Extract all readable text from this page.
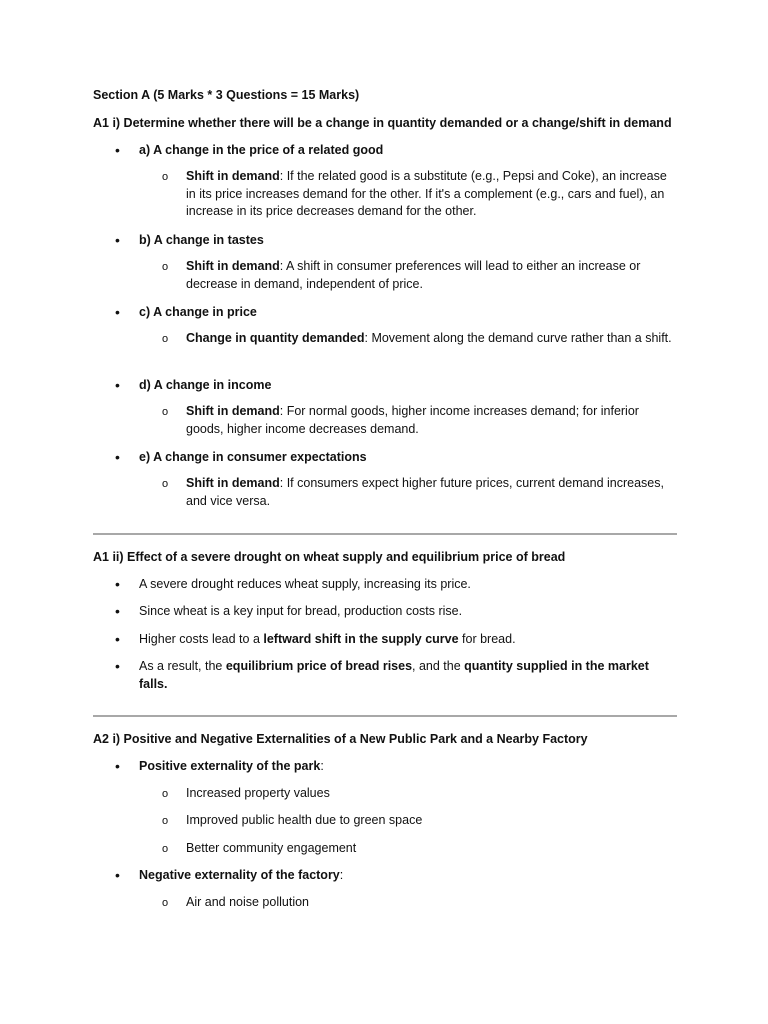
Section A (5 Marks * 3 Questions = 15 Marks)
A1 i) Determine whether there will be a change in quantity demanded or a change/shift in demand
•
a) A change in the price of a related good
o
Shift in demand: If the related good is a substitute (e.g., Pepsi and Coke), an increase in its price increases demand for the other. If it's a complement (e.g., cars and fuel), an increase in its price decreases demand for the other.
•
b) A change in tastes
o
Shift in demand: A shift in consumer preferences will lead to either an increase or decrease in demand, independent of price.
•
c) A change in price
o
Change in quantity demanded: Movement along the demand curve rather than a shift.
•
d) A change in income
o
Shift in demand: For normal goods, higher income increases demand; for inferior goods, higher income decreases demand.
•
e) A change in consumer expectations
o
Shift in demand: If consumers expect higher future prices, current demand increases, and vice versa.
A1 ii) Effect of a severe drought on wheat supply and equilibrium price of bread
•
A severe drought reduces wheat supply, increasing its price.
•
Since wheat is a key input for bread, production costs rise.
•
Higher costs lead to a leftward shift in the supply curve for bread.
•
As a result, the equilibrium price of bread rises, and the quantity supplied in the market falls.
A2 i) Positive and Negative Externalities of a New Public Park and a Nearby Factory
•
Positive externality of the park:
o
Increased property values
o
Improved public health due to green space
o
Better community engagement
•
Negative externality of the factory:
o
Air and noise pollution
